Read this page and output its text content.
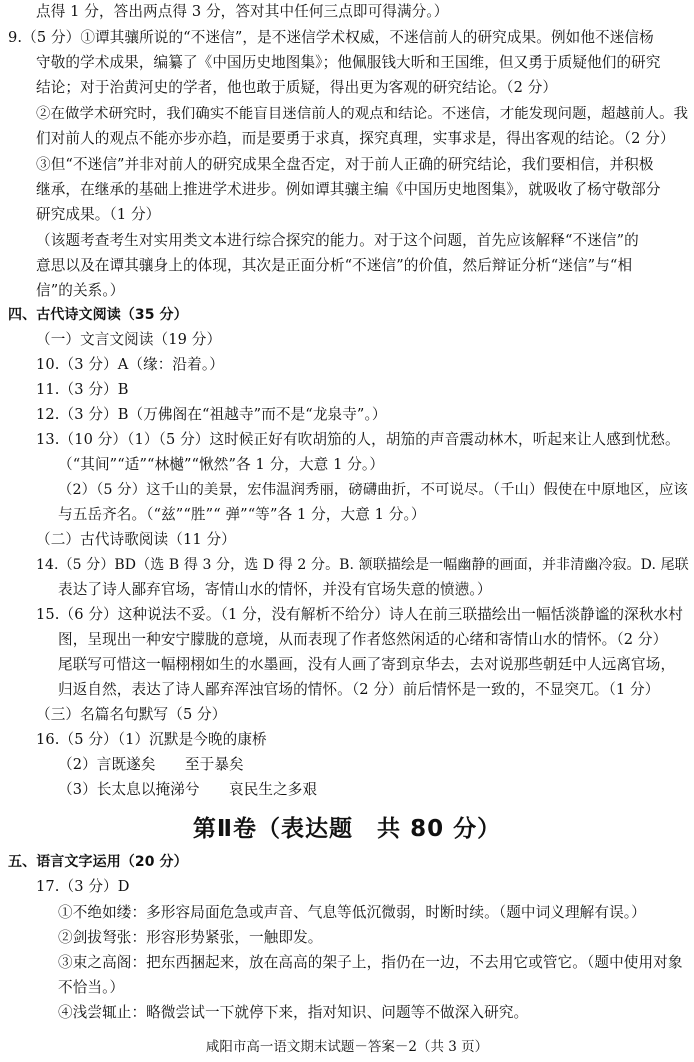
点得 1 分，答出两点得 3 分，答对其中任何三点即可得满分。）
9.（5 分）①谭其骧所说的“不迷信”，是不迷信学术权威，不迷信前人的研究成果。例如他不迷信杨
守敬的学术成果，编纂了《中国历史地图集》；他佩服钱大昕和王国维，但又勇于质疑他们的研究
结论；对于治黄河史的学者，他也敢于质疑，得出更为客观的研究结论。（2 分）
②在做学术研究时，我们确实不能盲目迷信前人的观点和结论。不迷信，才能发现问题，超越前人。我
们对前人的观点不能亦步亦趋，而是要勇于求真，探究真理，实事求是，得出客观的结论。（2 分）
③但“不迷信”并非对前人的研究成果全盘否定，对于前人正确的研究结论，我们要相信，并积极
继承，在继承的基础上推进学术进步。例如谭其骧主编《中国历史地图集》，就吸收了杨守敬部分
研究成果。（1 分）
（该题考查考生对实用类文本进行综合探究的能力。对于这个问题，首先应该解释“不迷信”的
意思以及在谭其骧身上的体现，其次是正面分析“不迷信”的价值，然后辩证分析“迷信”与“相
信”的关系。）
四、古代诗文阅读（35 分）
（一）文言文阅读（19 分）
10.（3 分）A（缘：沿着。）
11.（3 分）B
12.（3 分）B（万佛阁在“祖越寺”而不是“龙泉寺”。）
13.（10 分）（1）（5 分）这时候正好有吹胡笳的人，胡笳的声音震动林木，听起来让人感到忧愁。
（“其间”“适”“林樾”“愀然”各 1 分，大意 1 分。）
（2）（5 分）这千山的美景，宏伟温润秀丽，磅礴曲折，不可说尽。（千山）假使在中原地区，应该
与五岳齐名。（“兹”“胜”“ 弹”“等”各 1 分，大意 1 分。）
（二）古代诗歌阅读（11 分）
14.（5 分）BD（选 B 得 3 分，选 D 得 2 分。B. 颔联描绘是一幅幽静的画面，并非清幽冷寂。D. 尾联
表达了诗人鄙弃官场，寄情山水的情怀，并没有官场失意的愤懑。）
15.（6 分）这种说法不妥。（1 分，没有解析不给分）诗人在前三联描绘出一幅恬淡静谧的深秋水村
图，呈现出一种安宁朦胧的意境，从而表现了作者悠然闲适的心绪和寄情山水的情怀。（2 分）
尾联写可惜这一幅栩栩如生的水墨画，没有人画了寄到京华去，去对说那些朝廷中人远离官场，
归返自然，表达了诗人鄙弃浑浊官场的情怀。（2 分）前后情怀是一致的，不显突兀。（1 分）
（三）名篇名句默写（5 分）
16.（5 分）（1）沉默是今晚的康桥
（2）言既遂矣　　至于暴矣
（3）长太息以掩涕兮　　哀民生之多艰
第Ⅱ卷（表达题　共 80 分）
五、语言文字运用（20 分）
17.（3 分）D
①不绝如缕：多形容局面危急或声音、气息等低沉微弱，时断时续。（题中词义理解有误。）
②剑拔弩张：形容形势紧张，一触即发。
③束之高阁：把东西捆起来，放在高高的架子上，指仍在一边，不去用它或管它。（题中使用对象
不恰当。）
④浅尝辄止：略微尝试一下就停下来，指对知识、问题等不做深入研究。
咸阳市高一语文期末试题－答案－2（共 3 页）
